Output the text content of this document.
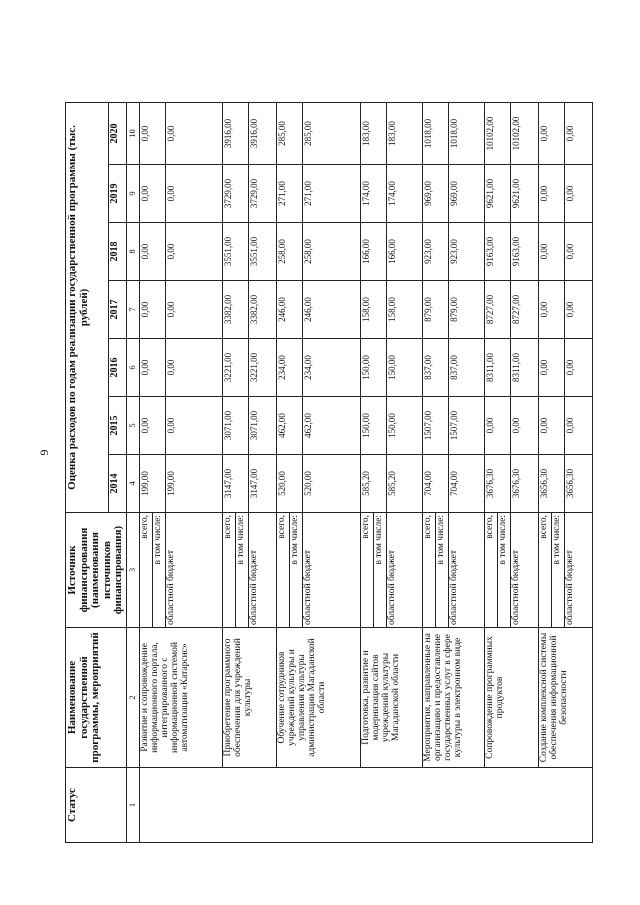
6
Статус	Наименование государственной программы, мероприятий	Источник финансирования (наименования источников финансирования)	Оценка расходов по годам реализации государственной программы (тыс. рублей)						
			2014	2015	2016	2017	2018	2019	2020
1	2	3	4	5	6	7	8	9	10
	Развитие и сопровождение информационного портала, интегрированного с информационной системой автоматизации «Катарсис»	всего,	199,00	0,00	0,00	0,00	0,00	0,00	0,00
		в том числе:							
		областной бюджет	199,00	0,00	0,00	0,00	0,00	0,00	0,00
	Приобретение программного обеспечения для учреждений культуры	всего,	3147,00	3071,00	3221,00	3382,00	3551,00	3729,00	3916,00
		в том числе:							
		областной бюджет	3147,00	3071,00	3221,00	3382,00	3551,00	3729,00	3916,00
	Обучение сотрудников учреждений культуры и управления культуры администрации Магаданской области	всего,	520,00	462,00	234,00	246,00	258,00	271,00	285,00
		в том числе:							
		областной бюджет	520,00	462,00	234,00	246,00	258,00	271,00	285,00
	Подготовка, развитие и модернизация сайтов учреждений культуры Магаданской области	всего,	585,20	150,00	150,00	158,00	166,00	174,00	183,00
		в том числе:							
		областной бюджет	585,20	150,00	150,00	158,00	166,00	174,00	183,00
	Мероприятия, направленные на организацию и предоставление государственных услуг в сфере культуры в электронном виде	всего,	704,00	1507,00	837,00	879,00	923,00	969,00	1018,00
		в том числе:							
		областной бюджет	704,00	1507,00	837,00	879,00	923,00	969,00	1018,00
	Сопровождение программных продуктов	всего,	3676,30	0,00	8311,00	8727,00	9163,00	9621,00	10102,00
		в том числе:							
		областной бюджет	3676,30	0,00	8311,00	8727,00	9163,00	9621,00	10102,00
	Создание комплексной системы обеспечения информационной безопасности	всего,	3656,30	0,00	0,00	0,00	0,00	0,00	0,00
		в том числе:							
		областной бюджет	3656,30	0,00	0,00	0,00	0,00	0,00	0,00
